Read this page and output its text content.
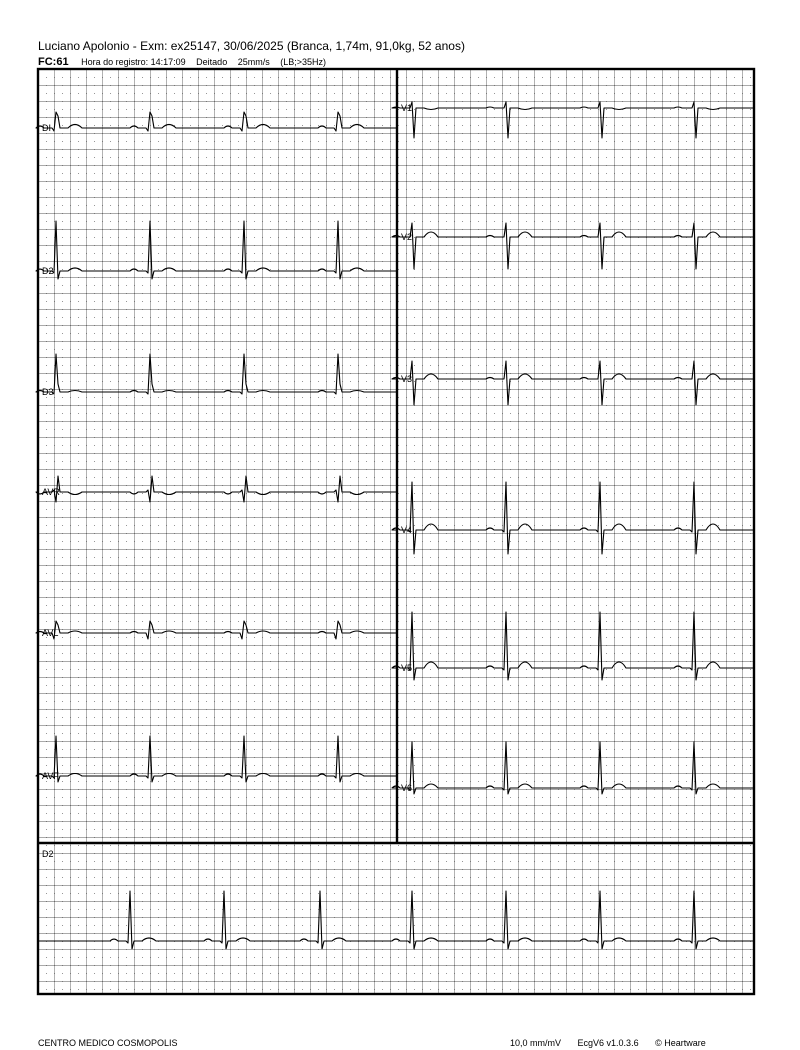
Luciano Apolonio - Exm: ex25147, 30/06/2025 (Branca, 1,74m, 91,0kg, 52 anos)
FC:61 Hora do registro: 14:17:09 Deitado 25mm/s (LB;>35Hz)
DI
D2
D3
AVR
AVL
AVF
V1
V2
V3
V4
V5
V6
D2
CENTRO MEDICO COSMOPOLIS	10,0 mm/mV EcgV6 v1.0.3.6 © Heartware
